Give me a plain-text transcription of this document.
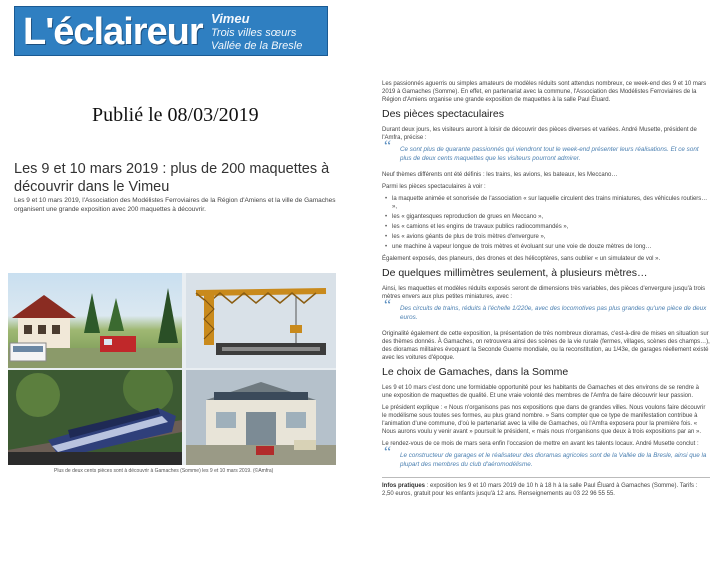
L'éclaireur Vimeu
Trois villes sœurs
Vallée de la Bresle
Publié le 08/03/2019
Les 9 et 10 mars 2019 : plus de 200 maquettes à découvrir dans le Vimeu

Les 9 et 10 mars 2019, l'Association des Modélistes Ferroviaires de la Région d'Amiens et la ville de Gamaches organisent une grande exposition avec 200 maquettes à découvrir.

Plus de deux cents pièces sont à découvrir à Gamaches (Somme) les 9 et 10 mars 2019. (©Amfra)

Les passionnés aguerris ou simples amateurs de modèles réduits sont attendus nombreux, ce week-end des 9 et 10 mars 2019 à Gamaches (Somme). En effet, en partenariat avec la commune, l'Association des Modélistes Ferroviaires de la Région d'Amiens organise une grande exposition de maquettes à la salle Paul Éluard.

Des pièces spectaculaires

Durant deux jours, les visiteurs auront à loisir de découvrir des pièces diverses et variées. André Musette, président de l'Amfra, précise :

“ Ce sont plus de quarante passionnés qui viendront tout le week-end présenter leurs réalisations. Et ce sont plus de deux cents maquettes que les visiteurs pourront admirer.

Neuf thèmes différents ont été définis : les trains, les avions, les bateaux, les Meccano…

Parmi les pièces spectaculaires à voir :

• la maquette animée et sonorisée de l'association « sur laquelle circulent des trains miniatures, des véhicules routiers… »,
• les « gigantesques reproduction de grues en Meccano »,
• les « camions et les engins de travaux publics radiocommandés »,
• les « avions géants de plus de trois mètres d'envergure »,
• une machine à vapeur longue de trois mètres et évoluant sur une voie de douze mètres de long…

Également exposés, des planeurs, des drones et des hélicoptères, sans oublier « un simulateur de vol ».

De quelques millimètres seulement, à plusieurs mètres…

Ainsi, les maquettes et modèles réduits exposés seront de dimensions très variables, des pièces d'envergure jusqu'à trois mètres envers aux plus petites miniatures, avec :

“ Des circuits de trains, réduits à l'échelle 1/220e, avec des locomotives pas plus grandes qu'une pièce de deux euros.

Originalité également de cette exposition, la présentation de très nombreux dioramas, c'est-à-dire de mises en situation sur des thèmes donnés. À Gamaches, on retrouvera ainsi des scènes de la vie rurale (fermes, villages, scènes des champs…), des dioramas militaires évoquant la Seconde Guerre mondiale, ou la reconstitution, au 1/43e, de garages réellement existé avec les voitures d'époque.

Le choix de Gamaches, dans la Somme

Les 9 et 10 mars c'est donc une formidable opportunité pour les habitants de Gamaches et des environs de se rendre à une exposition de maquettes de qualité. Et une vraie volonté des membres de l'Amfra de faire découvrir leur passion.

Le président explique : « Nous n'organisons pas nos expositions que dans de grandes villes. Nous voulons faire découvrir le modélisme sous toutes ses formes, au plus grand nombre. » Sans compter que ce type de manifestation contribue à l'animation d'une commune, d'où le partenariat avec la ville de Gamaches, où l'Amfra exposera pour la première fois. « Nous aurons voulu y venir avant » poursuit le président, « mais nous n'organisons que deux à trois expositions par an ».

Le rendez-vous de ce mois de mars sera enfin l'occasion de mettre en avant les talents locaux. André Musette conclut :

“ Le constructeur de garages et le réalisateur des dioramas agricoles sont de la Vallée de la Bresle, ainsi que la plupart des membres du club d'aéromodélisme.

Infos pratiques : exposition les 9 et 10 mars 2019 de 10 h à 18 h à la salle Paul Éluard à Gamaches (Somme). Tarifs : 2,50 euros, gratuit pour les enfants jusqu'à 12 ans. Renseignements au 03 22 96 55 55.
